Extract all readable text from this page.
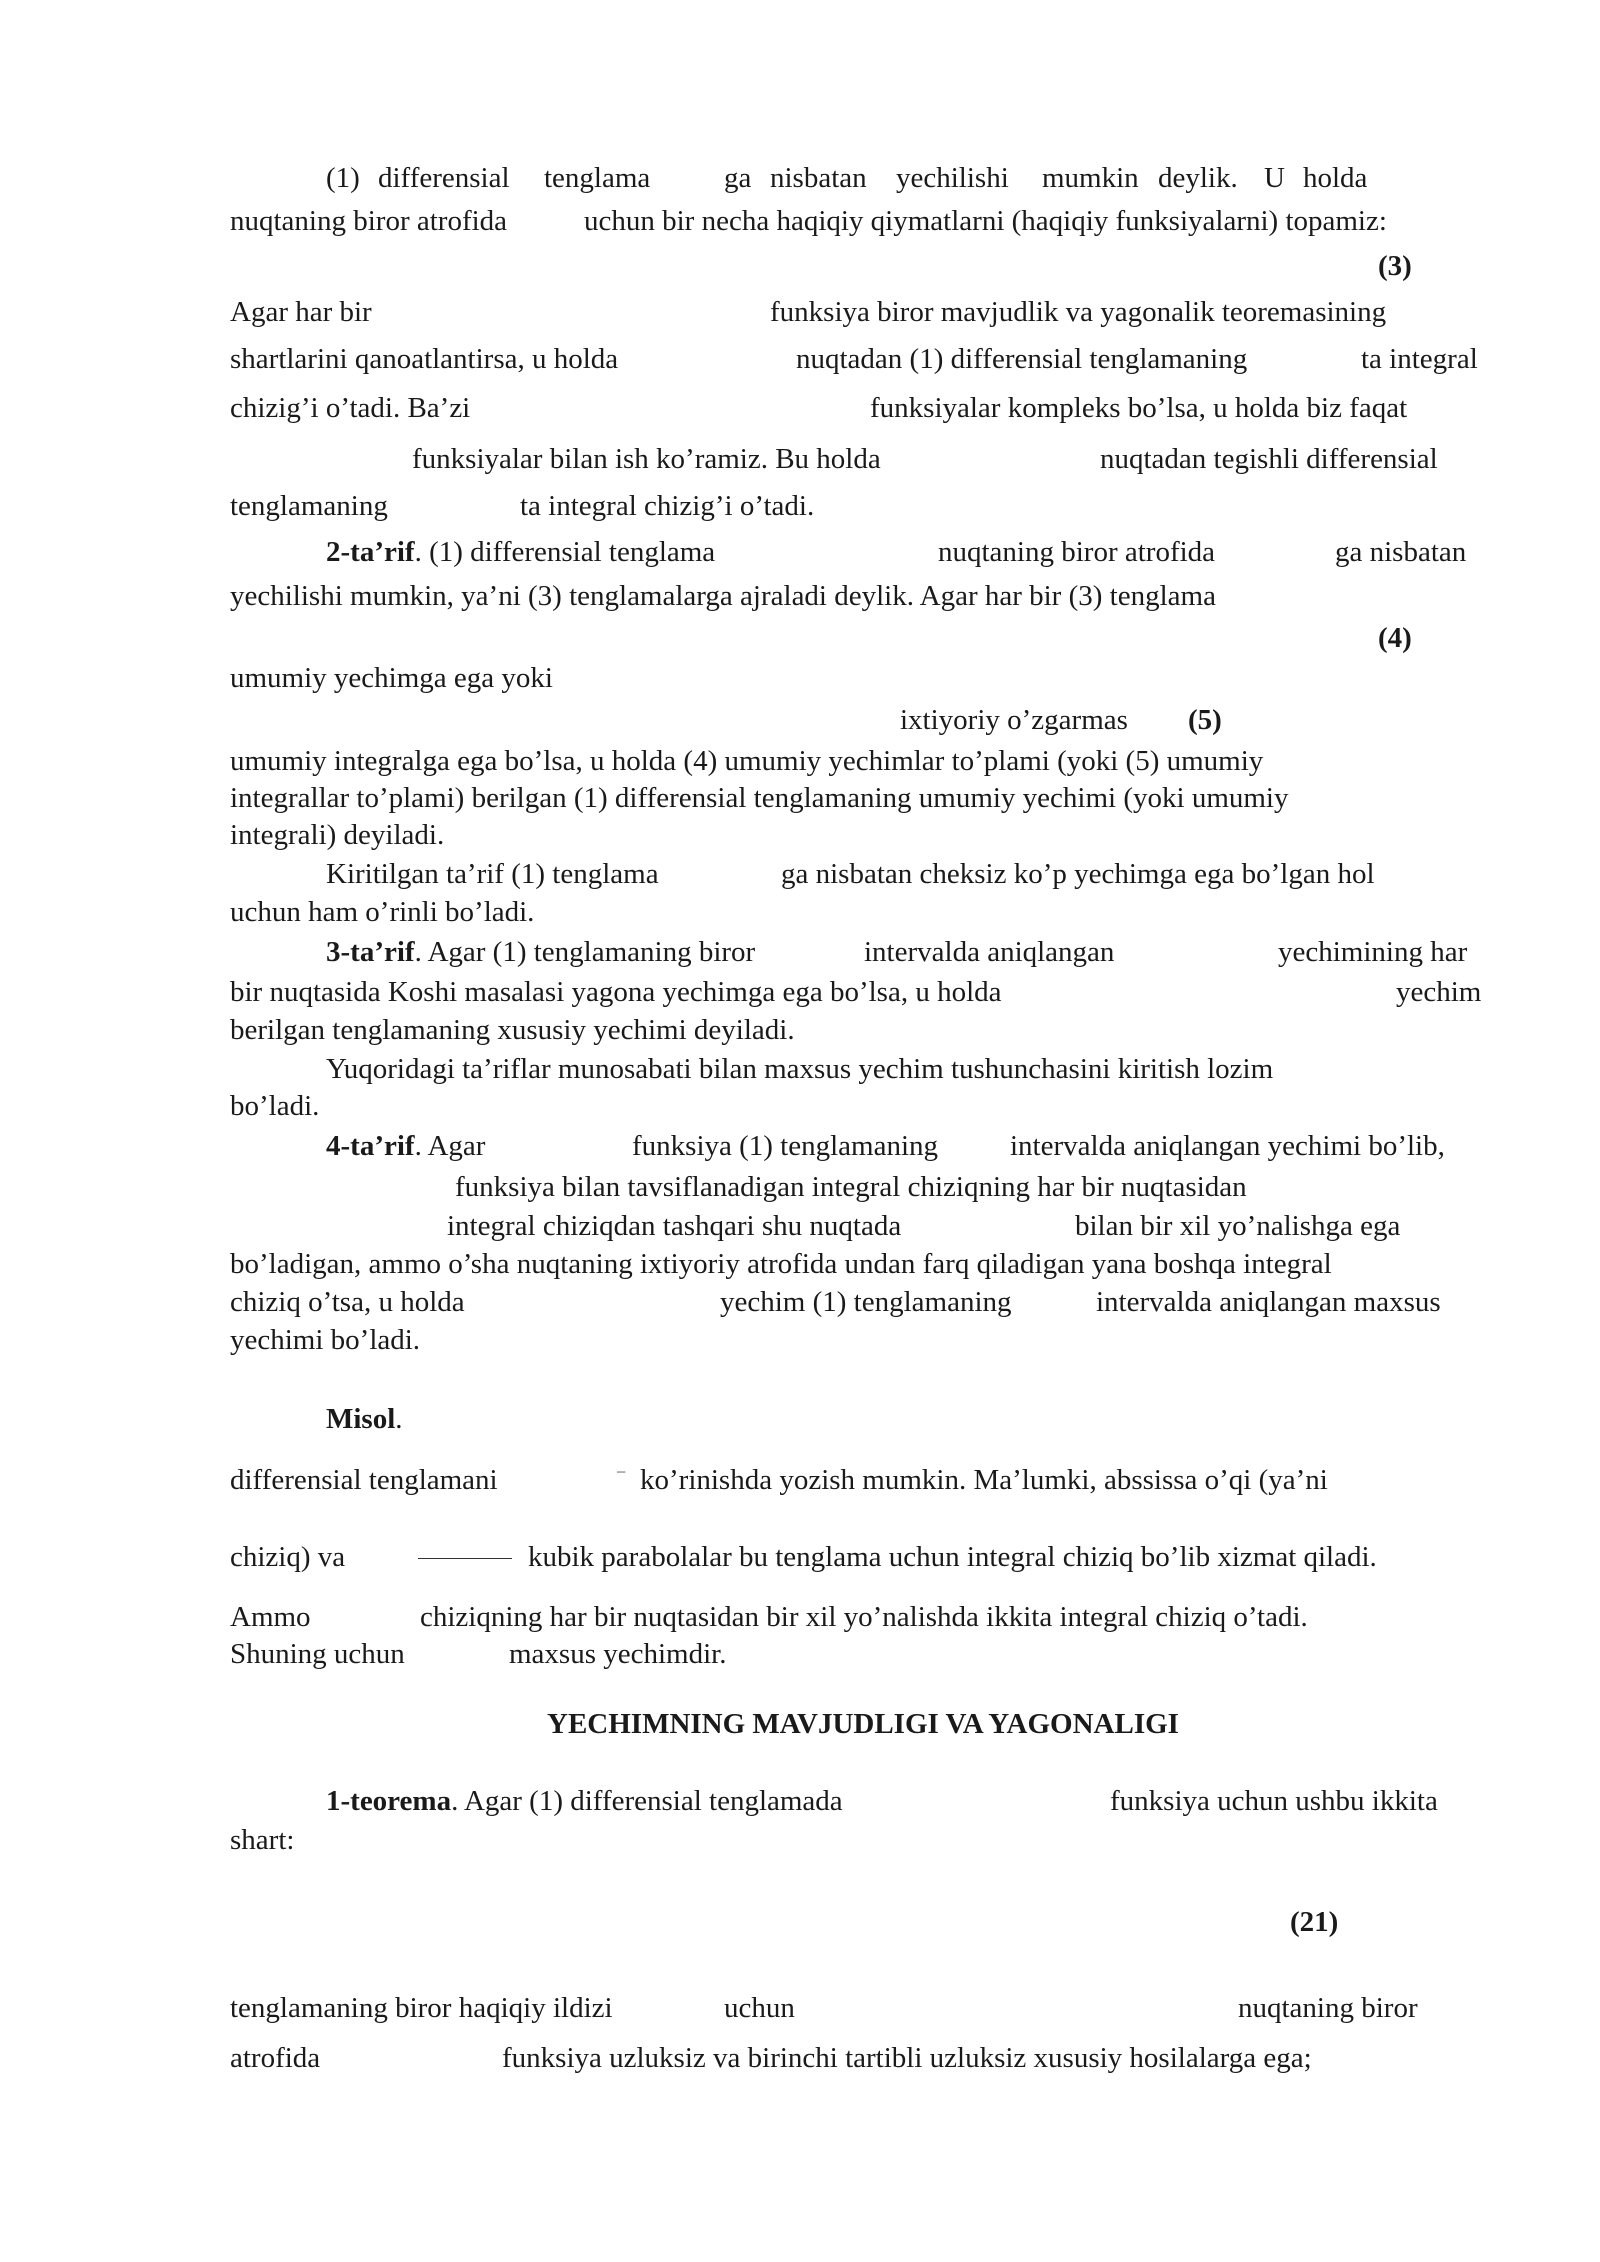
(1) differensial tenglama	ga nisbatan yechilishi mumkin deylik. U holda
nuqtaning biror atrofida	uchun bir necha haqiqiy qiymatlarni (haqiqiy funksiyalarni) topamiz:
(3)
Agar har bir	funksiya biror mavjudlik va yagonalik teoremasining
shartlarini qanoatlantirsa, u holda	nuqtadan (1) differensial tenglamaning	ta integral
chizig’i o’tadi. Ba’zi	funksiyalar kompleks bo’lsa, u holda biz faqat
funksiyalar bilan ish ko’ramiz. Bu holda	nuqtadan tegishli differensial
tenglamaning	ta integral chizig’i o’tadi.
2-ta’rif. (1) differensial tenglama	nuqtaning biror atrofida	ga nisbatan
yechilishi mumkin, ya’ni (3) tenglamalarga ajraladi deylik. Agar har bir (3) tenglama
(4)
umumiy yechimga ega yoki
ixtiyoriy o’zgarmas (5)
umumiy integralga ega bo’lsa, u holda (4) umumiy yechimlar to’plami (yoki (5) umumiy
integrallar to’plami) berilgan (1) differensial tenglamaning umumiy yechimi (yoki umumiy
integrali) deyiladi.
Kiritilgan ta’rif (1) tenglama	ga nisbatan cheksiz ko’p yechimga ega bo’lgan hol
uchun ham o’rinli bo’ladi.
3-ta’rif. Agar (1) tenglamaning biror	intervalda aniqlangan	yechimining har
bir nuqtasida Koshi masalasi yagona yechimga ega bo’lsa, u holda	yechim
berilgan tenglamaning xususiy yechimi deyiladi.
Yuqoridagi ta’riflar munosabati bilan maxsus yechim tushunchasini kiritish lozim
bo’ladi.
4-ta’rif. Agar	funksiya (1) tenglamaning intervalda aniqlangan yechimi bo’lib,
funksiya bilan tavsiflanadigan integral chiziqning har bir nuqtasidan
integral chiziqdan tashqari shu nuqtada	bilan bir xil yo’nalishga ega
bo’ladigan, ammo o’sha nuqtaning ixtiyoriy atrofida undan farq qiladigan yana boshqa integral
chiziq o’tsa, u holda	yechim (1) tenglamaning	intervalda aniqlangan maxsus
yechimi bo’ladi.
Misol.
differensial tenglamani	− ko’rinishda yozish mumkin. Ma’lumki, abssissa o’qi (ya’ni
chiziq) va	kubik parabolalar bu tenglama uchun integral chiziq bo’lib xizmat qiladi.
Ammo	chiziqning har bir nuqtasidan bir xil yo’nalishda ikkita integral chiziq o’tadi.
Shuning uchun	maxsus yechimdir.
YECHIMNING MAVJUDLIGI VA YAGONALIGI
1-teorema. Agar (1) differensial tenglamada	funksiya uchun ushbu ikkita
shart:
(21)
tenglamaning biror haqiqiy ildizi	uchun	nuqtaning biror
atrofida	funksiya uzluksiz va birinchi tartibli uzluksiz xususiy hosilalarga ega;
